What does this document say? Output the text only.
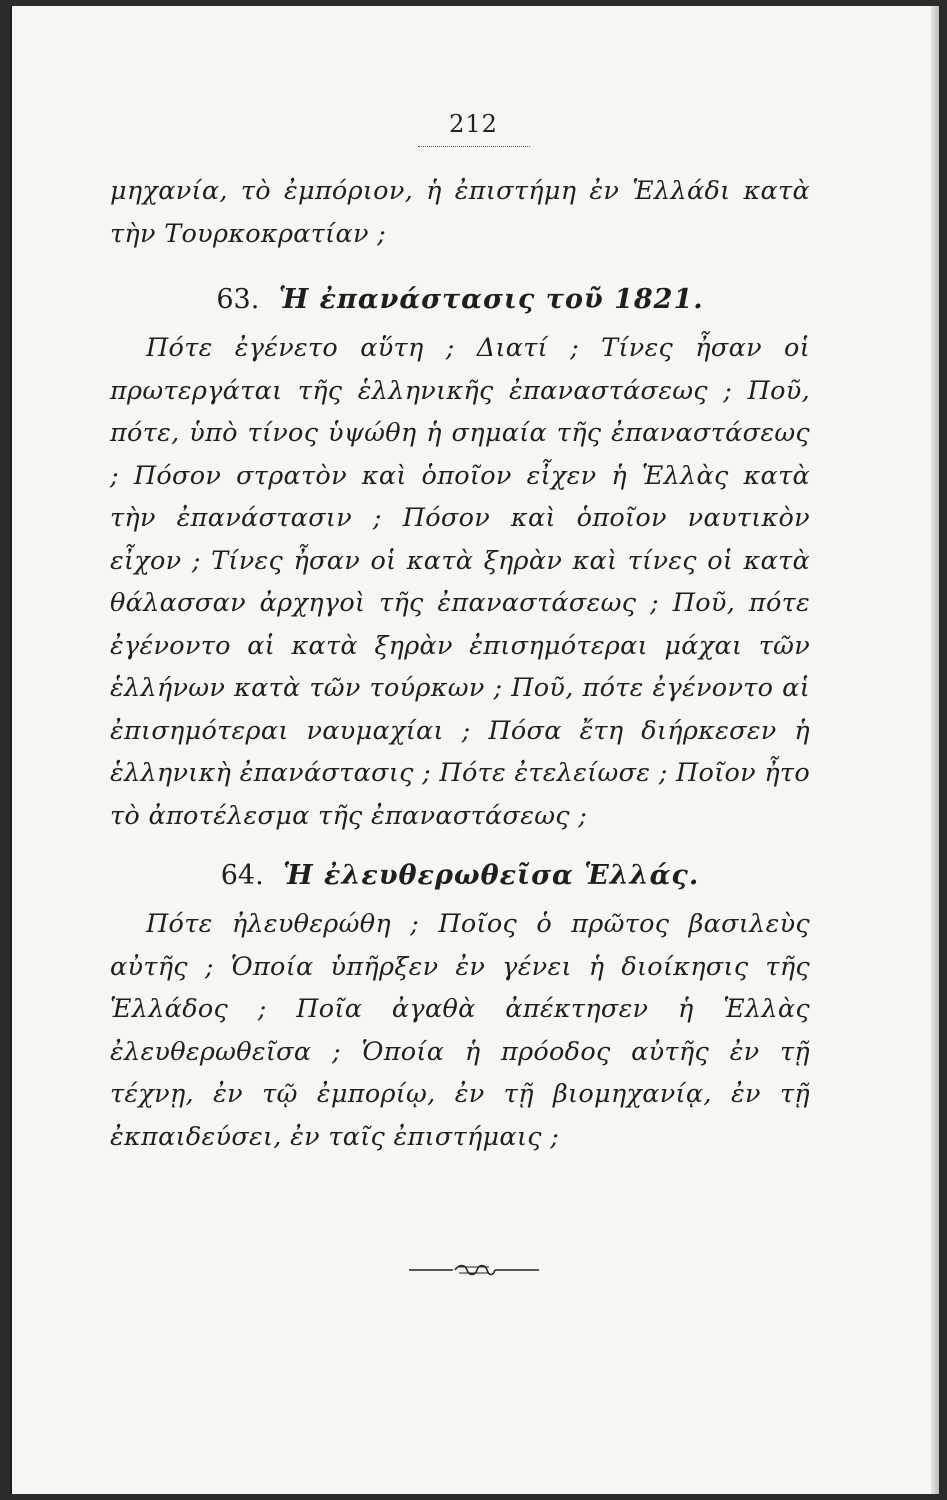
212

μηχανία, τὸ ἐμπόριον, ἡ ἐπιστήμη ἐν Ἑλλάδι κατὰ τὴν Τουρκοκρατίαν ;

63. Ἡ ἐπανάστασις τοῦ 1821.

Πότε ἐγένετο αὕτη ; Διατί ; Τίνες ἦσαν οἱ πρωτεργάται τῆς ἑλληνικῆς ἐπαναστάσεως ; Ποῦ, πότε, ὑπὸ τίνος ὑψώθη ἡ σημαία τῆς ἐπαναστάσεως ; Πόσον στρατὸν καὶ ὁποῖον εἶχεν ἡ Ἑλλὰς κατὰ τὴν ἐπανάστασιν ; Πόσον καὶ ὁποῖον ναυτικὸν εἶχον ; Τίνες ἦσαν οἱ κατὰ ξηρὰν καὶ τίνες οἱ κατὰ θάλασσαν ἀρχηγοὶ τῆς ἐπαναστάσεως ; Ποῦ, πότε ἐγένοντο αἱ κατὰ ξηρὰν ἐπισημότεραι μάχαι τῶν ἑλλήνων κατὰ τῶν τούρκων ; Ποῦ, πότε ἐγένοντο αἱ ἐπισημότεραι ναυμαχίαι ; Πόσα ἔτη διήρκεσεν ἡ ἑλληνικὴ ἐπανάστασις ; Πότε ἐτελείωσε ; Ποῖον ἦτο τὸ ἀποτέλεσμα τῆς ἐπαναστάσεως ;

64. Ἡ ἐλευθερωθεῖσα Ἑλλάς.

Πότε ἠλευθερώθη ; Ποῖος ὁ πρῶτος βασιλεὺς αὐτῆς ; Ὁποία ὑπῆρξεν ἐν γένει ἡ διοίκησις τῆς Ἑλλάδος ; Ποῖα ἀγαθὰ ἀπέκτησεν ἡ Ἑλλὰς ἐλευθερωθεῖσα ; Ὁποία ἡ πρόοδος αὐτῆς ἐν τῇ τέχνῃ, ἐν τῷ ἐμπορίῳ, ἐν τῇ βιομηχανίᾳ, ἐν τῇ ἐκπαιδεύσει, ἐν ταῖς ἐπιστήμαις ;
